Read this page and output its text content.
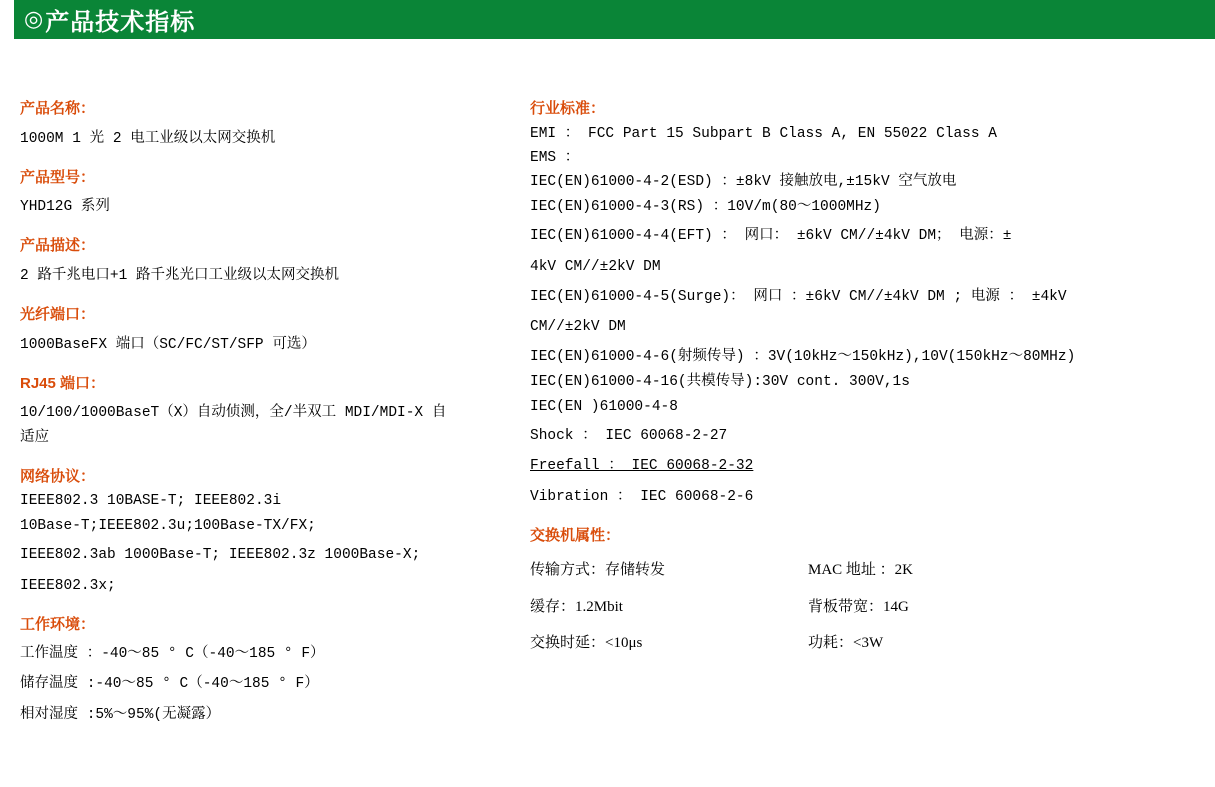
◎ 产品技术指标
产品名称：
1000M 1 光 2 电工业级以太网交换机
产品型号：
YHD12G 系列
产品描述：
2 路千兆电口+1 路千兆光口工业级以太网交换机
光纤端口：
1000BaseFX 端口（SC/FC/ST/SFP 可选）
RJ45 端口：
10/100/1000BaseT（X）自动侦测，全/半双工 MDI/MDI-X 自
适应
网络协议：
IEEE802.3 10BASE-T; IEEE802.3i
10Base-T;IEEE802.3u;100Base-TX/FX;
IEEE802.3ab 1000Base-T; IEEE802.3z 1000Base-X;
IEEE802.3x;
工作环境：
工作温度 ：-40～85 ° C（-40～185 ° F）
储存温度 :-40～85 ° C（-40～185 ° F）
相对湿度 :5%～95%(无凝露）
行业标准：
EMI ： FCC Part 15 Subpart B Class A, EN 55022 Class A
EMS ：
IEC(EN)61000-4-2(ESD) ：±8kV 接触放电,±15kV 空气放电
IEC(EN)61000-4-3(RS) ：10V/m(80～1000MHz)
IEC(EN)61000-4-4(EFT) ： 网口： ±6kV CM//±4kV DM； 电源：±
4kV CM//±2kV DM
IEC(EN)61000-4-5(Surge)： 网口 ：±6kV CM//±4kV DM ; 电源 ： ±4kV
CM//±2kV DM
IEC(EN)61000-4-6(射频传导) ：3V(10kHz～150kHz),10V(150kHz～80MHz)
IEC(EN)61000-4-16(共模传导):30V cont. 300V,1s
IEC(EN )61000-4-8
Shock ： IEC 60068-2-27
Freefall ： IEC 60068-2-32
Vibration ： IEC 60068-2-6
交换机属性：
传输方式：存储转发	MAC 地址 ：2K
缓存：1.2Mbit	背板带宽：14G
交换时延：<10μs	功耗：<3W
